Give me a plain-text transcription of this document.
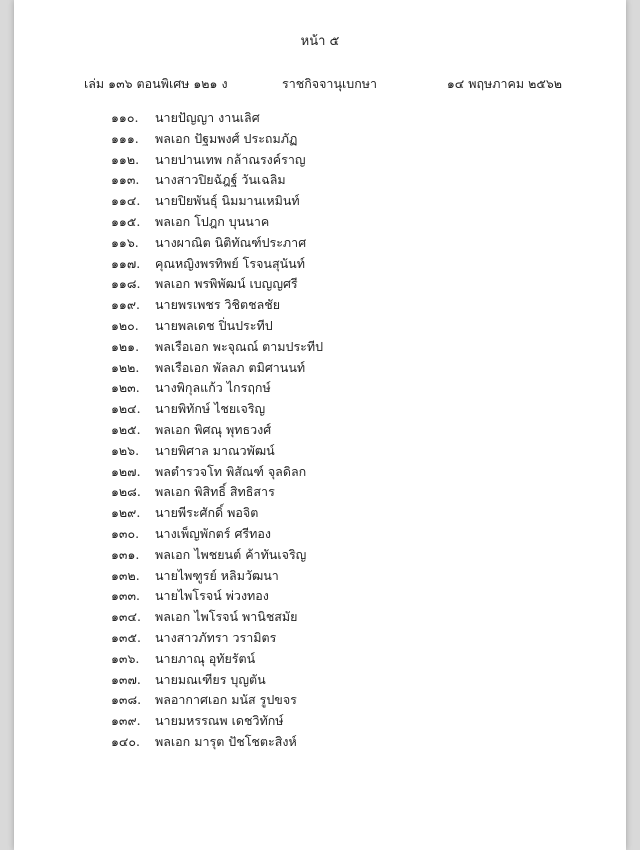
หน้า ๕
เล่ม ๑๓๖ ตอนพิเศษ ๑๒๑ ง	ราชกิจจานุเบกษา	๑๔ พฤษภาคม ๒๕๖๒
๑๑๐. นายปัญญา งานเลิศ
๑๑๑. พลเอก ปัฐมพงศ์ ประถมภัฏ
๑๑๒. นายปานเทพ กล้าณรงค์ราญ
๑๑๓. นางสาวปิยฉัฎฐ์ วันเฉลิม
๑๑๔. นายปิยพันธุ์ นิมมานเหมินท์
๑๑๕. พลเอก โปฎก บุนนาค
๑๑๖. นางผาณิต นิติทัณฑ์ประภาศ
๑๑๗. คุณหญิงพรทิพย์ โรจนสุนันท์
๑๑๘. พลเอก พรพิพัฒน์ เบญญศรี
๑๑๙. นายพรเพชร วิชิตชลชัย
๑๒๐. นายพลเดช ปิ่นประทีป
๑๒๑. พลเรือเอก พะจุณณ์ ตามประทีป
๑๒๒. พลเรือเอก พัลลภ ตมิศานนท์
๑๒๓. นางพิกุลแก้ว ไกรฤกษ์
๑๒๔. นายพิทักษ์ ไชยเจริญ
๑๒๕. พลเอก พิศณุ พุทธวงศ์
๑๒๖. นายพิศาล มาณวพัฒน์
๑๒๗. พลตำรวจโท พิสัณฑ์ จุลดิลก
๑๒๘. พลเอก พิสิทธิ์ สิทธิสาร
๑๒๙. นายพีระศักดิ์ พอจิต
๑๓๐. นางเพ็ญพักตร์ ศรีทอง
๑๓๑. พลเอก ไพชยนต์ ค้าทันเจริญ
๑๓๒. นายไพฑูรย์ หลิมวัฒนา
๑๓๓. นายไพโรจน์ พ่วงทอง
๑๓๔. พลเอก ไพโรจน์ พานิชสมัย
๑๓๕. นางสาวภัทรา วรามิตร
๑๓๖. นายภาณุ อุทัยรัตน์
๑๓๗. นายมณเฑียร บุญตัน
๑๓๘. พลอากาศเอก มนัส รูปขจร
๑๓๙. นายมหรรณพ เดชวิทักษ์
๑๔๐. พลเอก มารุต ปัชโชตะสิงห์
